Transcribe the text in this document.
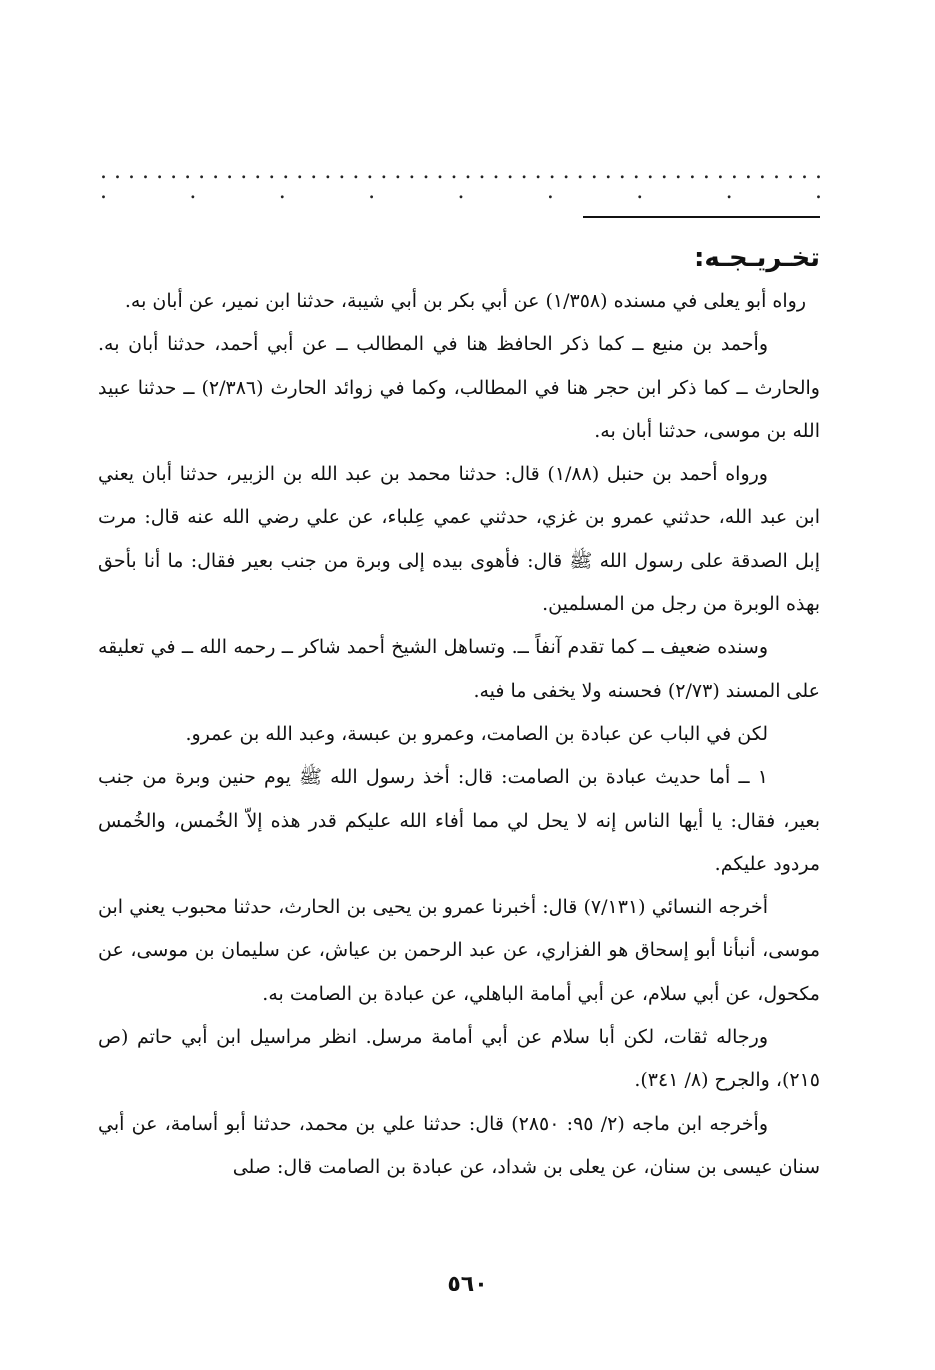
. . . . . . . . . . . . . . . . . . . . . . . . . . . . . . . . . . . . . . . . . . . . . . . . . . . . . . . . . . . . .
تخـريـجـه:

رواه أبو يعلى في مسنده (١/٣٥٨) عن أبي بكر بن أبي شيبة، حدثنا ابن نمير، عن أبان به.

وأحمد بن منيع ــ كما ذكر الحافظ هنا في المطالب ــ عن أبي أحمد، حدثنا أبان به. والحارث ــ كما ذكر ابن حجر هنا في المطالب، وكما في زوائد الحارث (٢/٣٨٦) ــ حدثنا عبيد الله بن موسى، حدثنا أبان به.

ورواه أحمد بن حنبل (١/٨٨) قال: حدثنا محمد بن عبد الله بن الزبير، حدثنا أبان يعني ابن عبد الله، حدثني عمرو بن غزي، حدثني عمي عِلباء، عن علي رضي الله عنه قال: مرت إبل الصدقة على رسول الله ﷺ قال: فأهوى بيده إلى وبرة من جنب بعير فقال: ما أنا بأحق بهذه الوبرة من رجل من المسلمين.

وسنده ضعيف ــ كما تقدم آنفاً ــ. وتساهل الشيخ أحمد شاكر ــ رحمه الله ــ في تعليقه على المسند (٢/٧٣) فحسنه ولا يخفى ما فيه.

لكن في الباب عن عبادة بن الصامت، وعمرو بن عبسة، وعبد الله بن عمرو.

١ ــ أما حديث عبادة بن الصامت: قال: أخذ رسول الله ﷺ يوم حنين وبرة من جنب بعير، فقال: يا أيها الناس إنه لا يحل لي مما أفاء الله عليكم قدر هذه إلاّ الخُمس، والخُمس مردود عليكم.

أخرجه النسائي (٧/١٣١) قال: أخبرنا عمرو بن يحيى بن الحارث، حدثنا محبوب يعني ابن موسى، أنبأنا أبو إسحاق هو الفزاري، عن عبد الرحمن بن عياش، عن سليمان بن موسى، عن مكحول، عن أبي سلام، عن أبي أمامة الباهلي، عن عبادة بن الصامت به.

ورجاله ثقات، لكن أبا سلام عن أبي أمامة مرسل. انظر مراسيل ابن أبي حاتم (ص ٢١٥)، والجرح (٨/ ٣٤١).

وأخرجه ابن ماجه (٢/ ٩٥: ٢٨٥٠) قال: حدثنا علي بن محمد، حدثنا أبو أسامة، عن أبي سنان عيسى بن سنان، عن يعلى بن شداد، عن عبادة بن الصامت قال: صلى

٥٦٠
